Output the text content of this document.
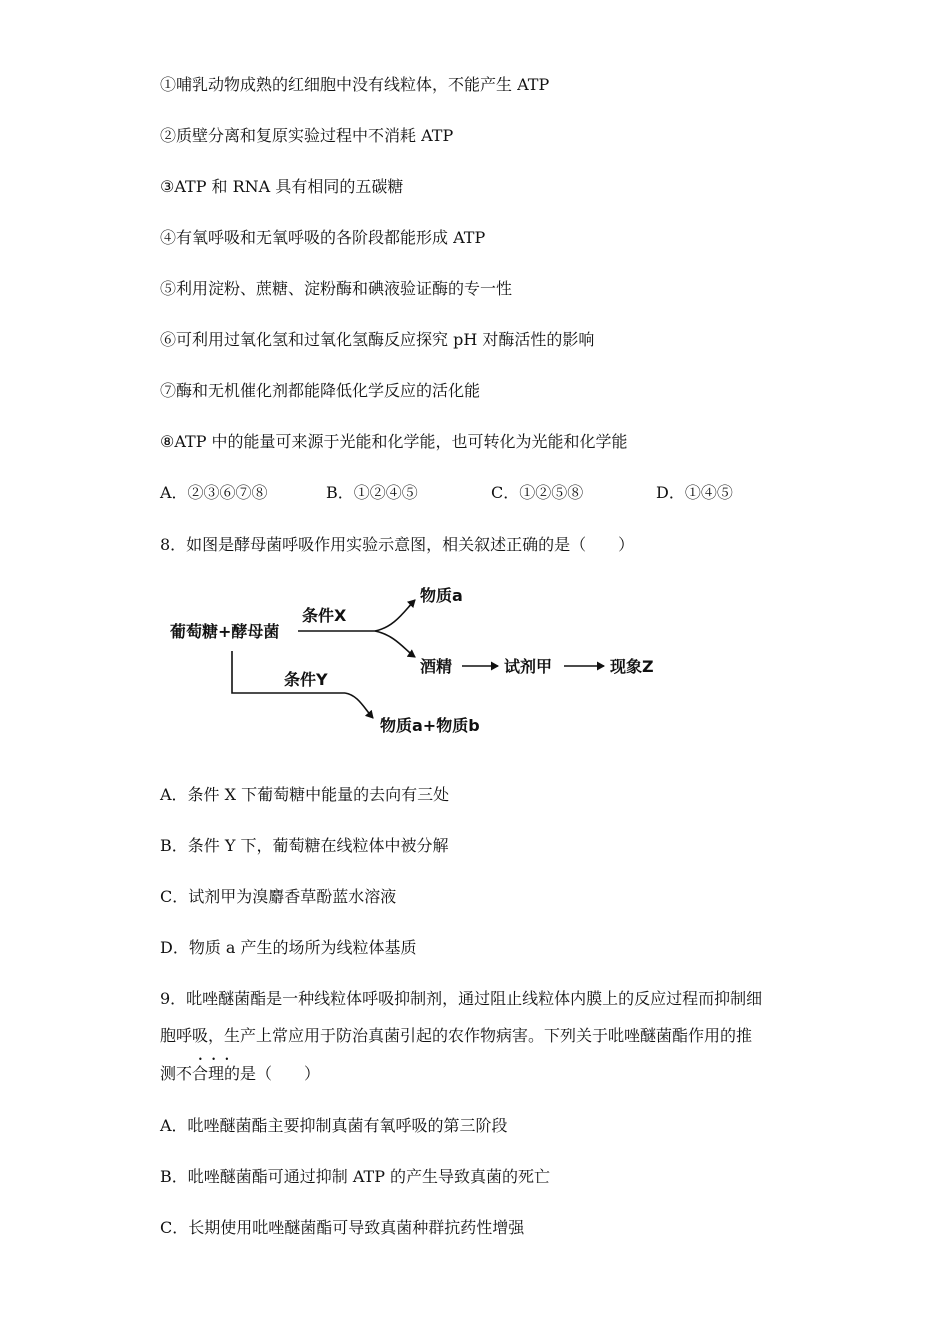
①哺乳动物成熟的红细胞中没有线粒体，不能产生 ATP
②质壁分离和复原实验过程中不消耗 ATP
③ATP 和 RNA 具有相同的五碳糖
④有氧呼吸和无氧呼吸的各阶段都能形成 ATP
⑤利用淀粉、蔗糖、淀粉酶和碘液验证酶的专一性
⑥可利用过氧化氢和过氧化氢酶反应探究 pH 对酶活性的影响
⑦酶和无机催化剂都能降低化学反应的活化能
⑧ATP 中的能量可来源于光能和化学能，也可转化为光能和化学能
A．②③⑥⑦⑧	B．①②④⑤	C．①②⑤⑧	D．①④⑤
8．如图是酵母菌呼吸作用实验示意图，相关叙述正确的是（　　）
葡萄糖+酵母菌
条件X
物质a
酒精	试剂甲	现象Z
条件Y
物质a+物质b
A．条件 X 下葡萄糖中能量的去向有三处
B．条件 Y 下，葡萄糖在线粒体中被分解
C．试剂甲为溴麝香草酚蓝水溶液
D．物质 a 产生的场所为线粒体基质
9．吡唑醚菌酯是一种线粒体呼吸抑制剂，通过阻止线粒体内膜上的反应过程而抑制细
胞呼吸，生产上常应用于防治真菌引起的农作物病害。下列关于吡唑醚菌酯作用的推
测• • • 不合理的是（　　）
A．吡唑醚菌酯主要抑制真菌有氧呼吸的第三阶段
B．吡唑醚菌酯可通过抑制 ATP 的产生导致真菌的死亡
C．长期使用吡唑醚菌酯可导致真菌种群抗药性增强
